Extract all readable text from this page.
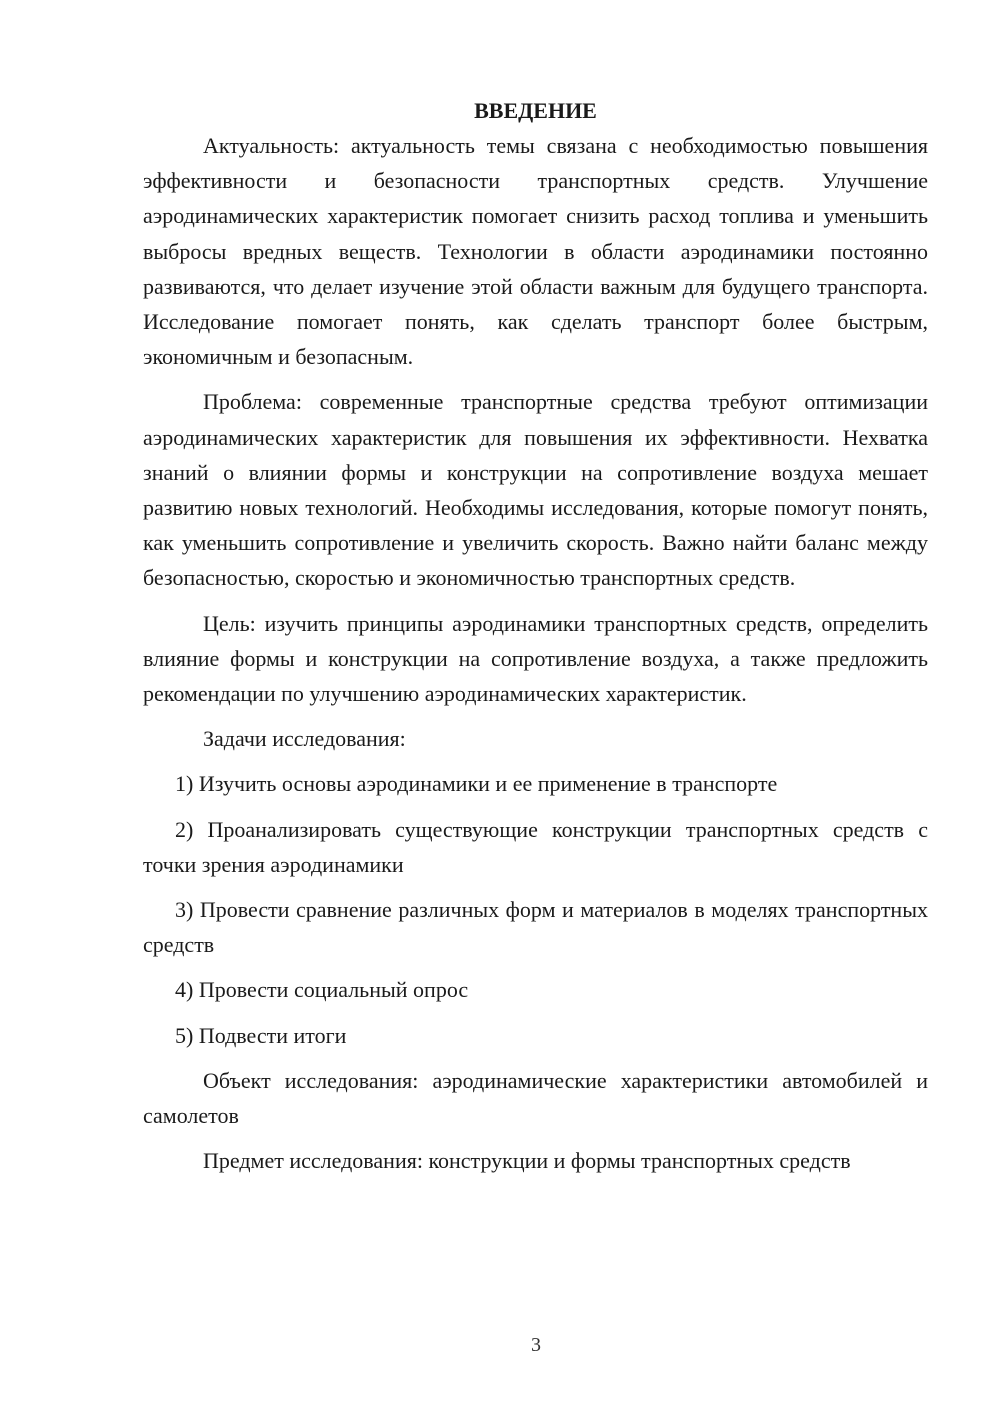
ВВЕДЕНИЕ

Актуальность: актуальность темы связана с необходимостью повышения эффективности и безопасности транспортных средств. Улучшение аэродинамических характеристик помогает снизить расход топлива и уменьшить выбросы вредных веществ. Технологии в области аэродинамики постоянно развиваются, что делает изучение этой области важным для будущего транспорта. Исследование помогает понять, как сделать транспорт более быстрым, экономичным и безопасным.

Проблема: современные транспортные средства требуют оптимизации аэродинамических характеристик для повышения их эффективности. Нехватка знаний о влиянии формы и конструкции на сопротивление воздуха мешает развитию новых технологий. Необходимы исследования, которые помогут понять, как уменьшить сопротивление и увеличить скорость. Важно найти баланс между безопасностью, скоростью и экономичностью транспортных средств.

Цель: изучить принципы аэродинамики транспортных средств, определить влияние формы и конструкции на сопротивление воздуха, а также предложить рекомендации по улучшению аэродинамических характеристик.

Задачи исследования:

1) Изучить основы аэродинамики и ее применение в транспорте

2) Проанализировать существующие конструкции транспортных средств с точки зрения аэродинамики

3) Провести сравнение различных форм и материалов в моделях транспортных средств

4) Провести социальный опрос

5) Подвести итоги

Объект исследования: аэродинамические характеристики автомобилей и самолетов

Предмет исследования: конструкции и формы транспортных средств

3
